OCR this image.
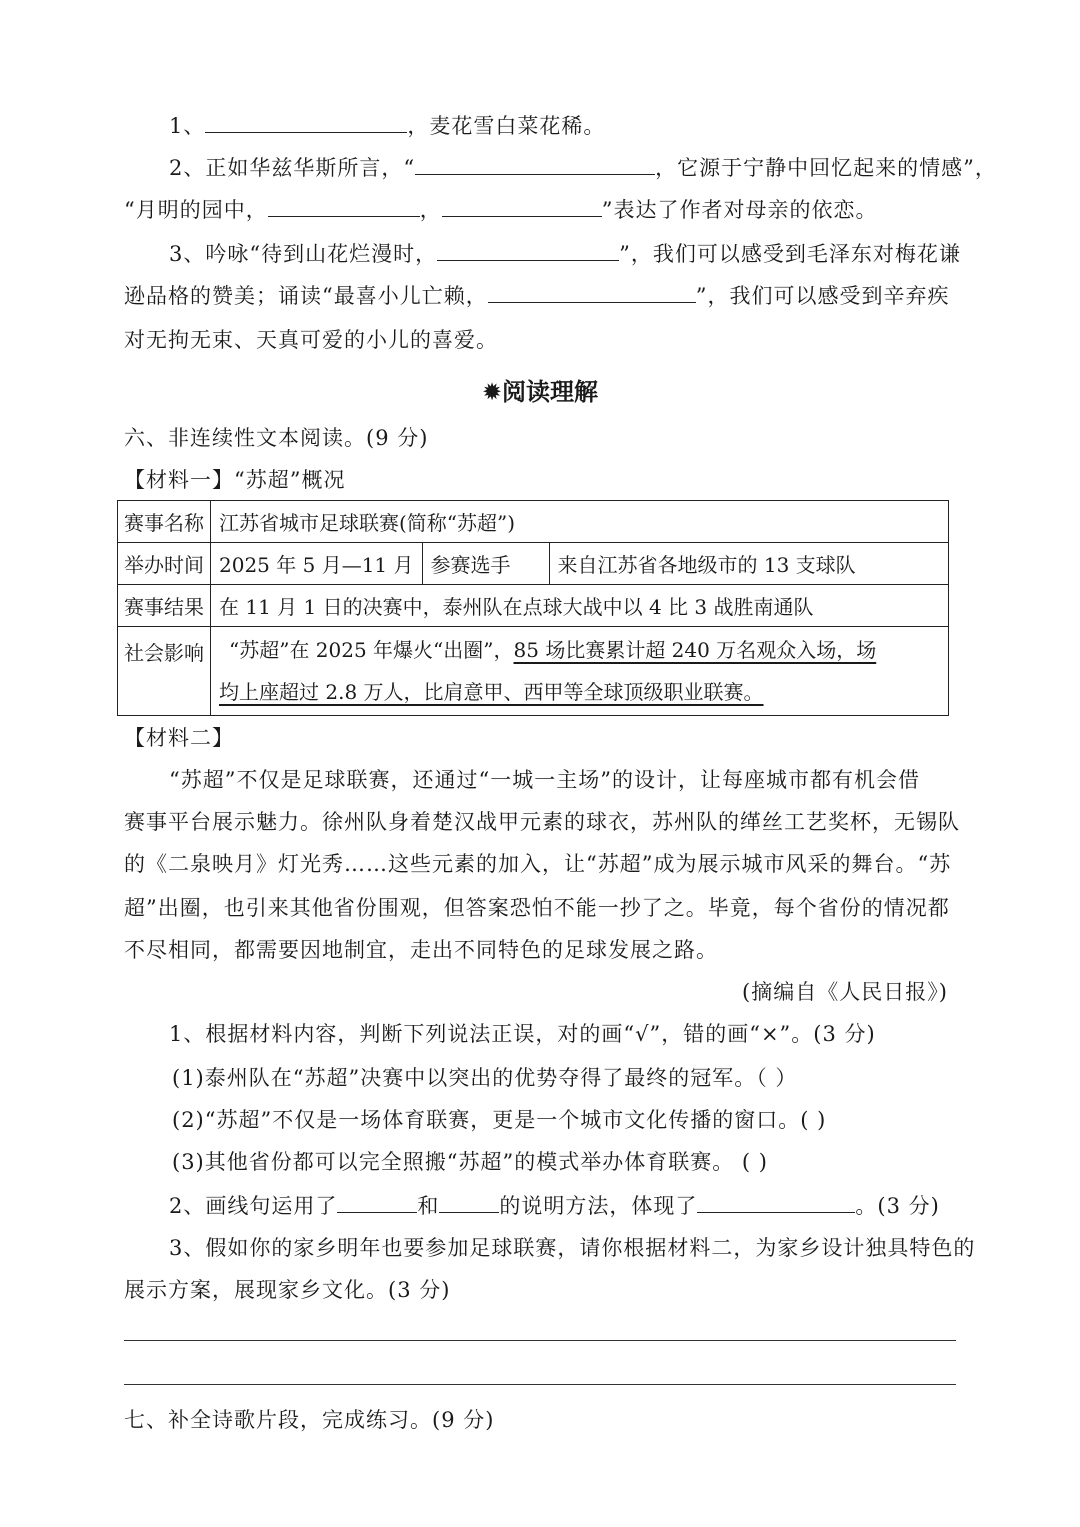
1、	，麦花雪白菜花稀。
2、正如华兹华斯所言，“	，它源于宁静中回忆起来的情感”，
“月明的园中，	，	”表达了作者对母亲的依恋。
3、吟咏“待到山花烂漫时，	”，我们可以感受到毛泽东对梅花谦
逊品格的赞美；诵读“最喜小儿亡赖，	”，我们可以感受到辛弃疾
对无拘无束、天真可爱的小儿的喜爱。
✹阅读理解
六、非连续性文本阅读。(9 分)
【材料一】“苏超”概况
赛事名称	江苏省城市足球联赛(简称“苏超”)		
举办时间	2025 年 5 月—11 月	参赛选手	来自江苏省各地级市的 13 支球队
赛事结果	在 11 月 1 日的决赛中，泰州队在点球大战中以 4 比 3 战胜南通队		
社会影响	“苏超”在 2025 年爆火“出圈”，85 场比赛累计超 240 万名观众入场，场
均上座超过 2.8 万人，比肩意甲、西甲等全球顶级职业联赛。		
【材料二】
“苏超”不仅是足球联赛，还通过“一城一主场”的设计，让每座城市都有机会借
赛事平台展示魅力。徐州队身着楚汉战甲元素的球衣，苏州队的缂丝工艺奖杯，无锡队
的《二泉映月》灯光秀……这些元素的加入，让“苏超”成为展示城市风采的舞台。“苏
超”出圈，也引来其他省份围观，但答案恐怕不能一抄了之。毕竟，每个省份的情况都
不尽相同，都需要因地制宜，走出不同特色的足球发展之路。
(摘编自《人民日报》)
1、根据材料内容，判断下列说法正误，对的画“√”，错的画“×”。(3 分)
(1)泰州队在“苏超”决赛中以突出的优势夺得了最终的冠军。（ ）
(2)“苏超”不仅是一场体育联赛，更是一个城市文化传播的窗口。( )
(3)其他省份都可以完全照搬“苏超”的模式举办体育联赛。 ( )
2、画线句运用了	和	的说明方法，体现了	。(3 分)
3、假如你的家乡明年也要参加足球联赛，请你根据材料二，为家乡设计独具特色的
展示方案，展现家乡文化。(3 分)
七、补全诗歌片段，完成练习。(9 分)
